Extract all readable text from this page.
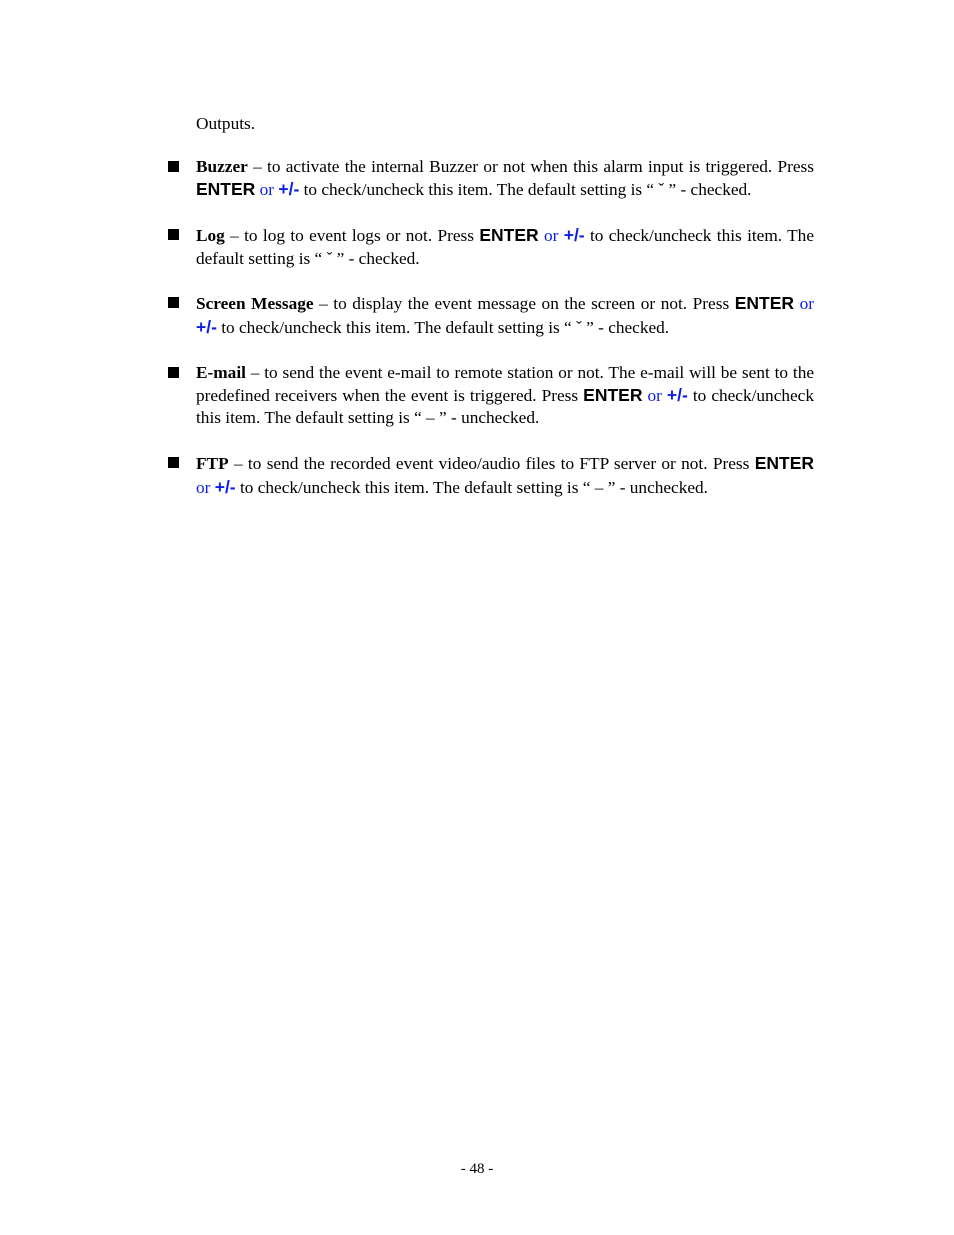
Outputs.
Buzzer – to activate the internal Buzzer or not when this alarm input is triggered. Press ENTER or +/- to check/uncheck this item. The default setting is “ ˇ ” - checked.
Log – to log to event logs or not. Press ENTER or +/- to check/uncheck this item. The default setting is “ ˇ ” - checked.
Screen Message – to display the event message on the screen or not. Press ENTER or +/- to check/uncheck this item. The default setting is “ ˇ ” - checked.
E-mail – to send the event e-mail to remote station or not. The e-mail will be sent to the predefined receivers when the event is triggered. Press ENTER or +/- to check/uncheck this item. The default setting is “ – ” - unchecked.
FTP – to send the recorded event video/audio files to FTP server or not. Press ENTER or +/- to check/uncheck this item. The default setting is “ – ” - unchecked.
- 48 -
